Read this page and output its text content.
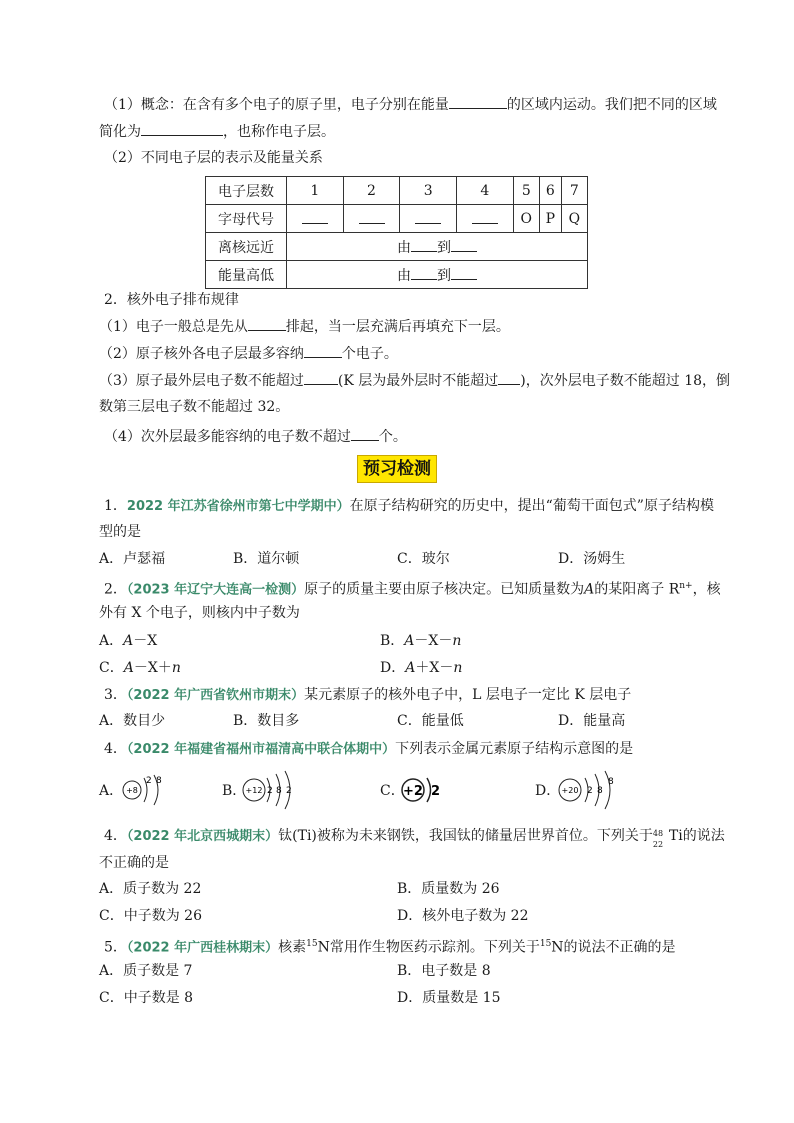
（1）概念：在含有多个电子的原子里，电子分别在能量	的区域内运动。我们把不同的区域
简化为	，也称作电子层。
（2）不同电子层的表示及能量关系
电子层数	1	2	3	4	5	6	7
字母代号					O	P	Q
离核远近	由 到						
能量高低	由 到						
2．核外电子排布规律
（1）电子一般总是先从	排起，当一层充满后再填充下一层。
（2）原子核外各电子层最多容纳	个电子。
（3）原子最外层电子数不能超过 (K 层为最外层时不能超过 )，次外层电子数不能超过 18，倒
数第三层电子数不能超过 32。
（4）次外层最多能容纳的电子数不超过 个。
预习检测
1．2022 年江苏省徐州市第七中学期中）在原子结构研究的历史中，提出“葡萄干面包式”原子结构模
型的是
A．卢瑟福	B．道尔顿	C．玻尔	D．汤姆生
2．（2023 年辽宁大连高一检测）原子的质量主要由原子核决定。已知质量数为A的某阳离子 $R^{n+}$，核
外有 X 个电子，则核内中子数为
A．A－X	B．A－X－n
C．A－X＋n	D．A＋X－n
3．（2022 年广西省钦州市期末）某元素原子的核外电子中，L 层电子一定比 K 层电子
A．数目少	B．数目多	C．能量低	D．能量高
4．（2022 年福建省福州市福清高中联合体期中）下列表示金属元素原子结构示意图的是
A． +8
2 8
B． +12 2 8 2	C．
+2 2	D． +20 2 8
8
4．（2022 年北京西城期末）钛(Ti)被称为未来钢铁，我国钛的储量居世界首位。下列关于 48
22
Ti的说法
不正确的是
A．质子数为 22	B．质量数为 26
C．中子数为 26	D．核外电子数为 22
5．（2022 年广西桂林期末）核素$^{15}$N常用作生物医药示踪剂。下列关于$^{15}$N的说法不正确的是
A．质子数是 7	B．电子数是 8
C．中子数是 8	D．质量数是 15
